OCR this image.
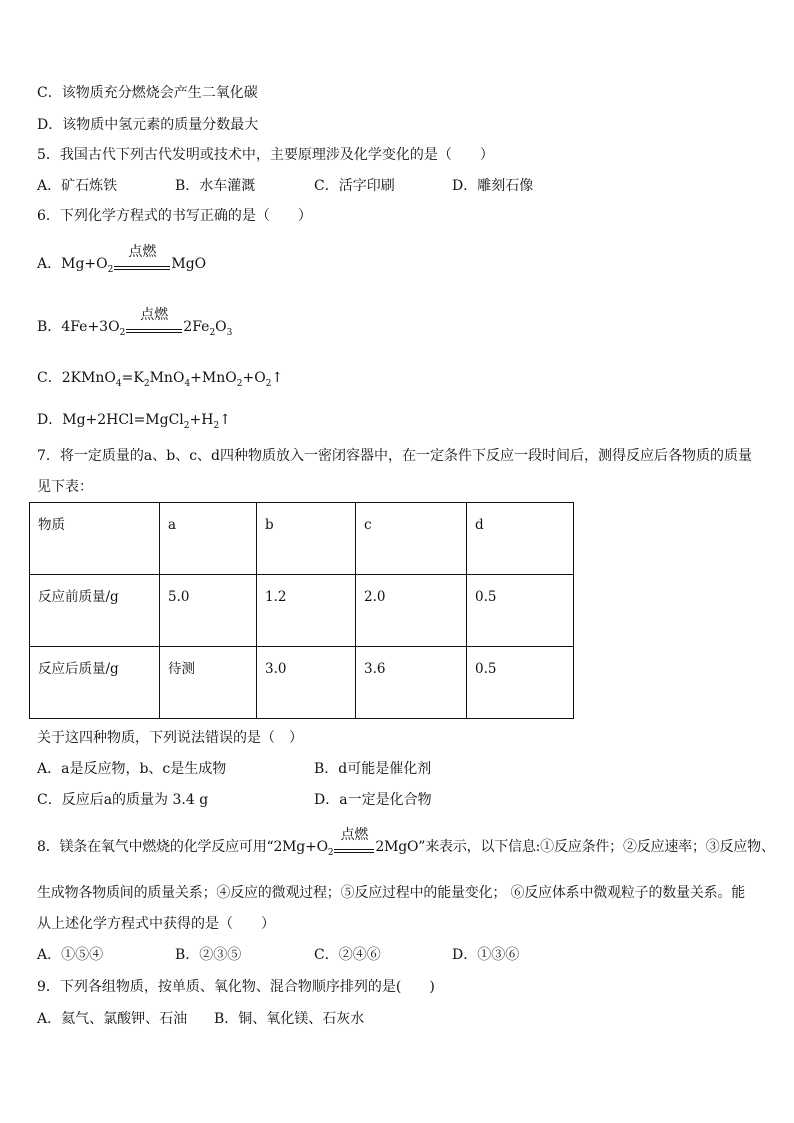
C．该物质充分燃烧会产生二氧化碳
D．该物质中氢元素的质量分数最大
5．我国古代下列古代发明或技术中，主要原理涉及化学变化的是（　　）
A．矿石炼铁	B．水车灌溉	C．活字印刷	D．雕刻石像
6．下列化学方程式的书写正确的是（　　）
A．$Mg+O_2$
点燃
MgO
B．$4Fe+3O_2$
点燃
$2Fe_2O_3$
C．$2KMnO_4=K_2MnO_4+MnO_2+O_2↑$
D．$Mg+2HCl=MgCl_2+H_2↑$
7．将一定质量的a、b、c、d四种物质放入一密闭容器中，在一定条件下反应一段时间后，测得反应后各物质的质量
见下表：
物质	a	b	c	d
反应前质量/g	5.0	1.2	2.0	0.5
反应后质量/g	待测	3.0	3.6	0.5
关于这四种物质，下列说法错误的是（　）
A．a是反应物，b、c是生成物	B．d可能是催化剂
C．反应后a的质量为 3.4 g	D．a一定是化合物
8．镁条在氧气中燃烧的化学反应可用“$2Mg+O_2$
点燃
2MgO”来表示，以下信息:①反应条件；②反应速率；③反应物、
生成物各物质间的质量关系；④反应的微观过程；⑤反应过程中的能量变化； ⑥反应体系中微观粒子的数量关系。能
从上述化学方程式中获得的是（　　）
A．①⑤④	B．②③⑤	C．②④⑥	D．①③⑥
9．下列各组物质，按单质、氧化物、混合物顺序排列的是(　　)
A．氦气、氯酸钾、石油 B．铜、氧化镁、石灰水
